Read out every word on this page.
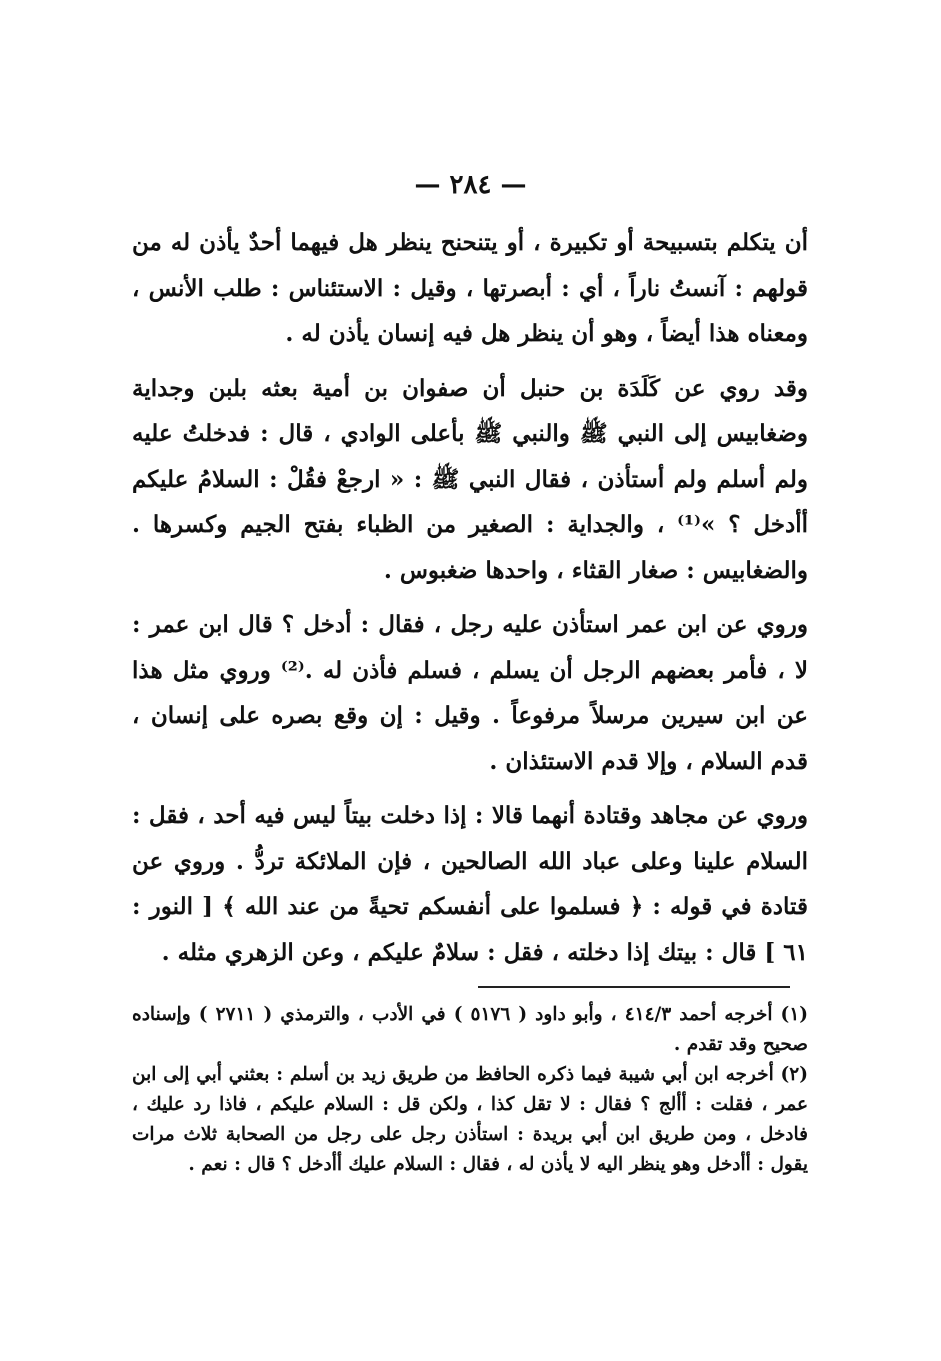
— ٢٨٤ —

أن يتكلم بتسبيحة أو تكبيرة ، أو يتنحنح ينظر هل فيهما أحدٌ يأذن له من قولهم : آنستُ ناراً ، أي : أبصرتها ، وقيل : الاستئناس : طلب الأنس ، ومعناه هذا أيضاً ، وهو أن ينظر هل فيه إنسان يأذن له .

وقد روي عن كَلَدَة بن حنبل أن صفوان بن أمية بعثه بلبن وجداية وضغابيس إلى النبي ﷺ والنبي ﷺ بأعلى الوادي ، قال : فدخلتُ عليه ولم أسلم ولم أستأذن ، فقال النبي ﷺ : « ارجعْ فقُلْ : السلامُ عليكم أأدخل ؟ »⁽¹⁾ ، والجداية : الصغير من الظباء بفتح الجيم وكسرها . والضغابيس : صغار القثاء ، واحدها ضغبوس .

وروي عن ابن عمر استأذن عليه رجل ، فقال : أدخل ؟ قال ابن عمر : لا ، فأمر بعضهم الرجل أن يسلم ، فسلم فأذن له .⁽²⁾ وروي مثل هذا عن ابن سيرين مرسلاً مرفوعاً . وقيل : إن وقع بصره على إنسان ، قدم السلام ، وإلا قدم الاستئذان .

وروي عن مجاهد وقتادة أنهما قالا : إذا دخلت بيتاً ليس فيه أحد ، فقل : السلام علينا وعلى عباد الله الصالحين ، فإن الملائكة تردُّ . وروي عن قتادة في قوله : ﴿ فسلموا على أنفسكم تحيةً من عند الله ﴾ [ النور : ٦١ ] قال : بيتك إذا دخلته ، فقل : سلامٌ عليكم ، وعن الزهري مثله .

(١) أخرجه أحمد ٤١٤/٣ ، وأبو داود ( ٥١٧٦ ) في الأدب ، والترمذي ( ٢٧١١ ) وإسناده صحيح وقد تقدم .

(٢) أخرجه ابن أبي شيبة فيما ذكره الحافظ من طريق زيد بن أسلم : بعثني أبي إلى ابن عمر ، فقلت : أألج ؟ فقال : لا تقل كذا ، ولكن قل : السلام عليكم ، فاذا رد عليك ، فادخل ، ومن طريق ابن أبي بريدة : استأذن رجل على رجل من الصحابة ثلاث مرات يقول : أأدخل وهو ينظر اليه لا يأذن له ، فقال : السلام عليك أأدخل ؟ قال : نعم .
